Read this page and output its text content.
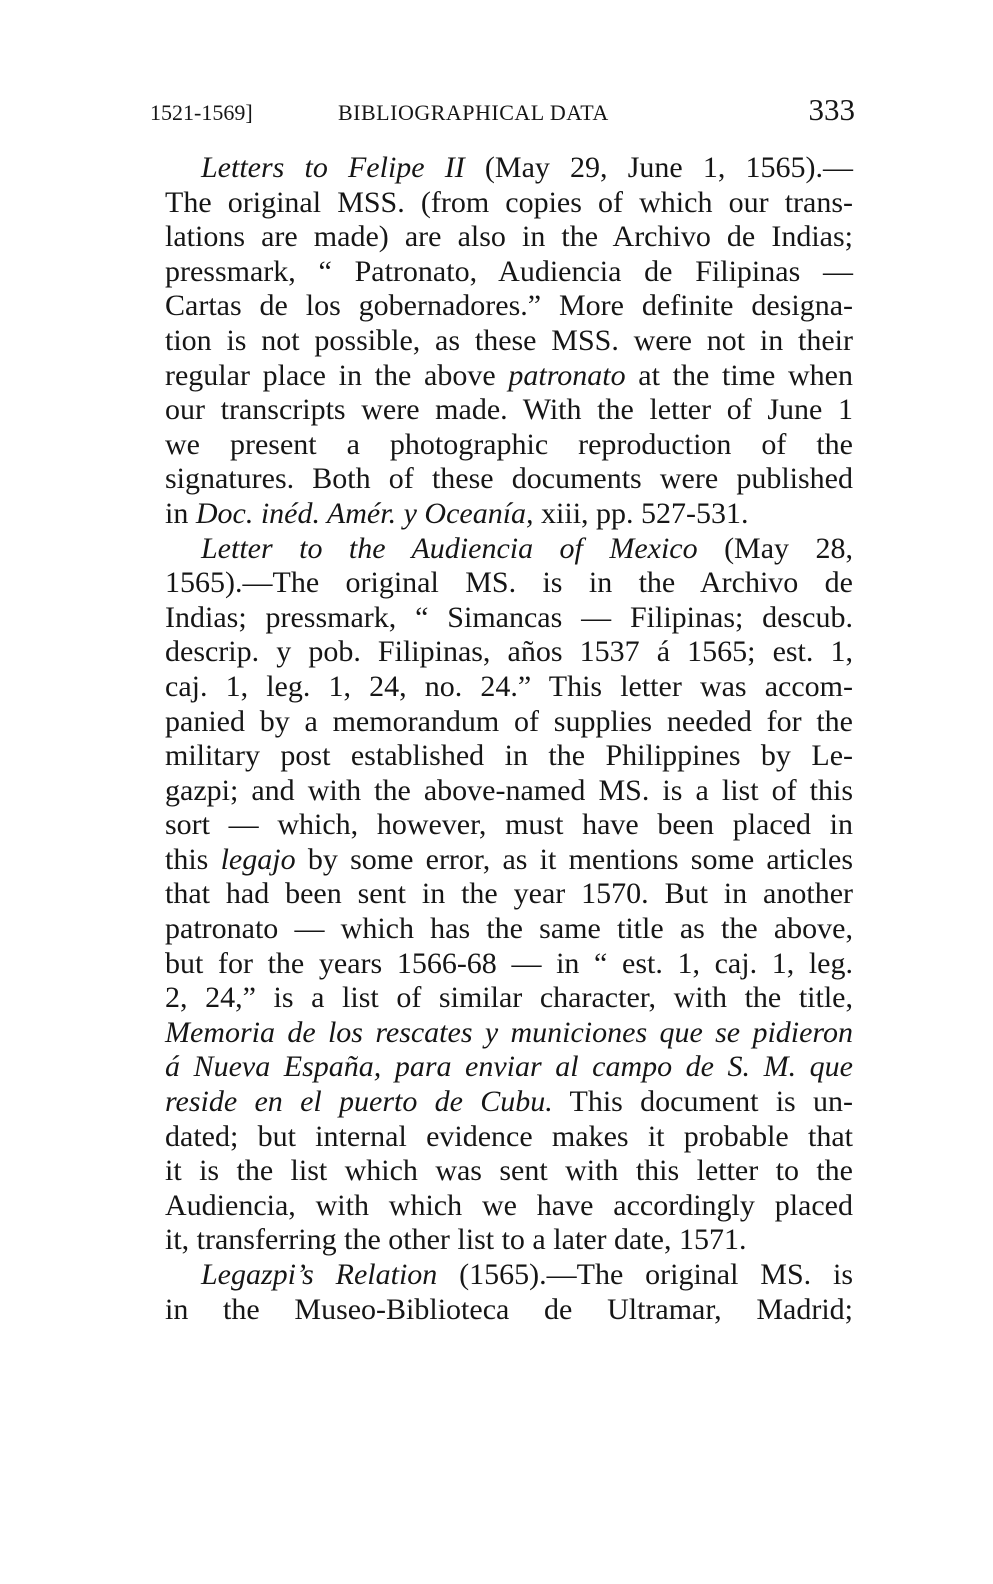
1521-1569]	BIBLIOGRAPHICAL DATA	333
Letters to Felipe II (May 29, June 1, 1565).—
The original MSS. (from copies of which our trans-
lations are made) are also in the Archivo de Indias;
pressmark, “ Patronato, Audiencia de Filipinas —
Cartas de los gobernadores.” More definite designa-
tion is not possible, as these MSS. were not in their
regular place in the above patronato at the time when
our transcripts were made. With the letter of June 1
we present a photographic reproduction of the
signatures. Both of these documents were published
in Doc. inéd. Amér. y Oceanía, xiii, pp. 527-531.
Letter to the Audiencia of Mexico (May 28,
1565).—The original MS. is in the Archivo de
Indias; pressmark, “ Simancas — Filipinas; descub.
descrip. y pob. Filipinas, años 1537 á 1565; est. 1,
caj. 1, leg. 1, 24, no. 24.” This letter was accom-
panied by a memorandum of supplies needed for the
military post established in the Philippines by Le-
gazpi; and with the above-named MS. is a list of this
sort — which, however, must have been placed in
this legajo by some error, as it mentions some articles
that had been sent in the year 1570. But in another
patronato — which has the same title as the above,
but for the years 1566-68 — in “ est. 1, caj. 1, leg.
2, 24,” is a list of similar character, with the title,
Memoria de los rescates y municiones que se pidieron
á Nueva España, para enviar al campo de S. M. que
reside en el puerto de Cubu. This document is un-
dated; but internal evidence makes it probable that
it is the list which was sent with this letter to the
Audiencia, with which we have accordingly placed
it, transferring the other list to a later date, 1571.
Legazpi’s Relation (1565).—The original MS. is
in the Museo-Biblioteca de Ultramar, Madrid;
